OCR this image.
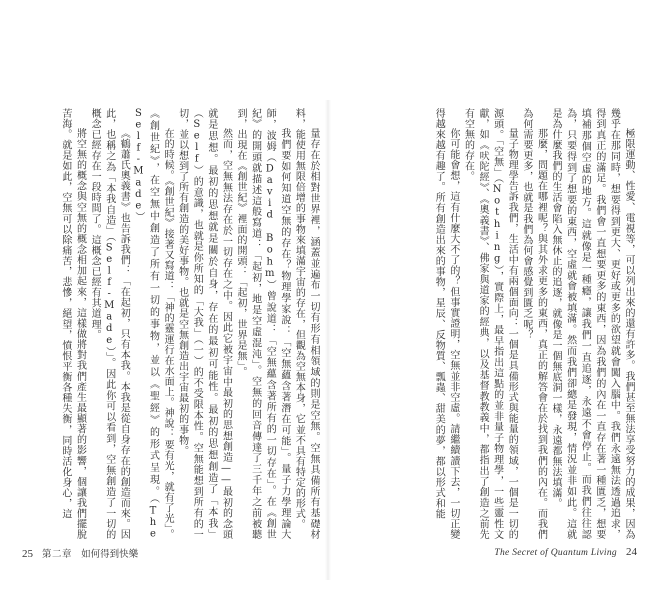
量存在於相對世界裡，涵蓋並遍布一切有形有相領域的則是空無。空無具備所有基礎材料，能使用無限倍增的事物來填滿宇宙的存在，但觀為空無本身，它並不具有特定的形式。

我們要如何知道空無的存在？物理學家說：「空無蘊含著潛在可能」。量子力學理論大師，波姆（David Bohm）曾說道：「空無蘊含著所有的一切存在」。在《創世紀》的開頭就描述這般寫道：「起初，地是空虛混沌」。空無的回音傳達了三千年之前被聽到，出現在《創世紀》裡面的開頭：「起初，世界是無」。

然而，空無無法存在於一切存在之中。因此它被宇宙中最初的思想創造——最初的念頭就是思想。最初的思想就是關於自身，存在的最初可能性。最初的思想創造了「本我」（Self）的意識，也就是你所知的「大我」（一）的不受限本性。空無能想到所有的一切，並以想到了所有創造的美好事物。也就是空無創造出宇宙最初的事物。

在的時候。《創世紀》接著又寫道：「神的靈運行在水面上。神說：要有光，就有了光」。《創世紀》，在空無中創造了所有一切的事物，並以《聖經》的形式呈現。（The Self-Made）

《鶴蕭氏奧義書》也告訴我們：「在起初，只有本我。本我是從自身存在的創造而來。因此，也稱之為「本我自造」（Self-Made）」。因此你可以看到，空無創造了一切的概念已經存在一段時間了。這概念已經有其道理。

將空無的概念與空無的概念相加起來，這樣做將對我們產生最顯著的影響，個讓我們擺脫苦海。就是如此，空無可以除痛苦，悲慘，絕望，憤恨平衡各種失衡，同時活化身心，這

25 第二章 如何得到快樂

極限運動、性愛、電視等，可以列出來的還有許多。我們甚至無法享受努力的成果，因為幾乎在那同時，想要得到更大、更好或更多的欲望就會闖入腦中。我們永遠無法透過追求，得到真正的滿足。我們會一直想要更多的東西，因為我們的內在一直存在著一種匱乏，想要填補那個空虛的地方。這就像是一種癮，讓我們一直追逐，永遠不會停止。而我們往往認為，只要得到了想要的東西，空虛就會被填滿。然而我們卻總是發現，情況並非如此。這就是為什麼我們的生活會陷入無休止的追逐，就像是一個無底洞一樣，永遠都無法填滿。

那麼，問題在哪裡呢？與其外求更多的東西，真正的解答會在於找到我們的內在。而我們為何需要更多，也就是我們為何會感覺到匱乏呢？

量子物理學告訴我們，生活中有兩個面向：一個是具備形式與能量的領域，一個是一切的源頭。「空無」（Nothing），實際上，最早指出這點的並非量子物理學，一些靈性文獻，如《吠陀經》、《奧義書》、佛家與道家的經典，以及基督教教義中，都指出了創造之前先有空無的存在。

你可能會想，這有什麼大不了的？但事實證明，空無並非空虛。請繼續讀下去，一切正變得越來越有趣了。所有創造出來的事物，星辰、反物質、瓢蟲、甜美的夢，都以形式和能

The Secret of Quantum Living 24
